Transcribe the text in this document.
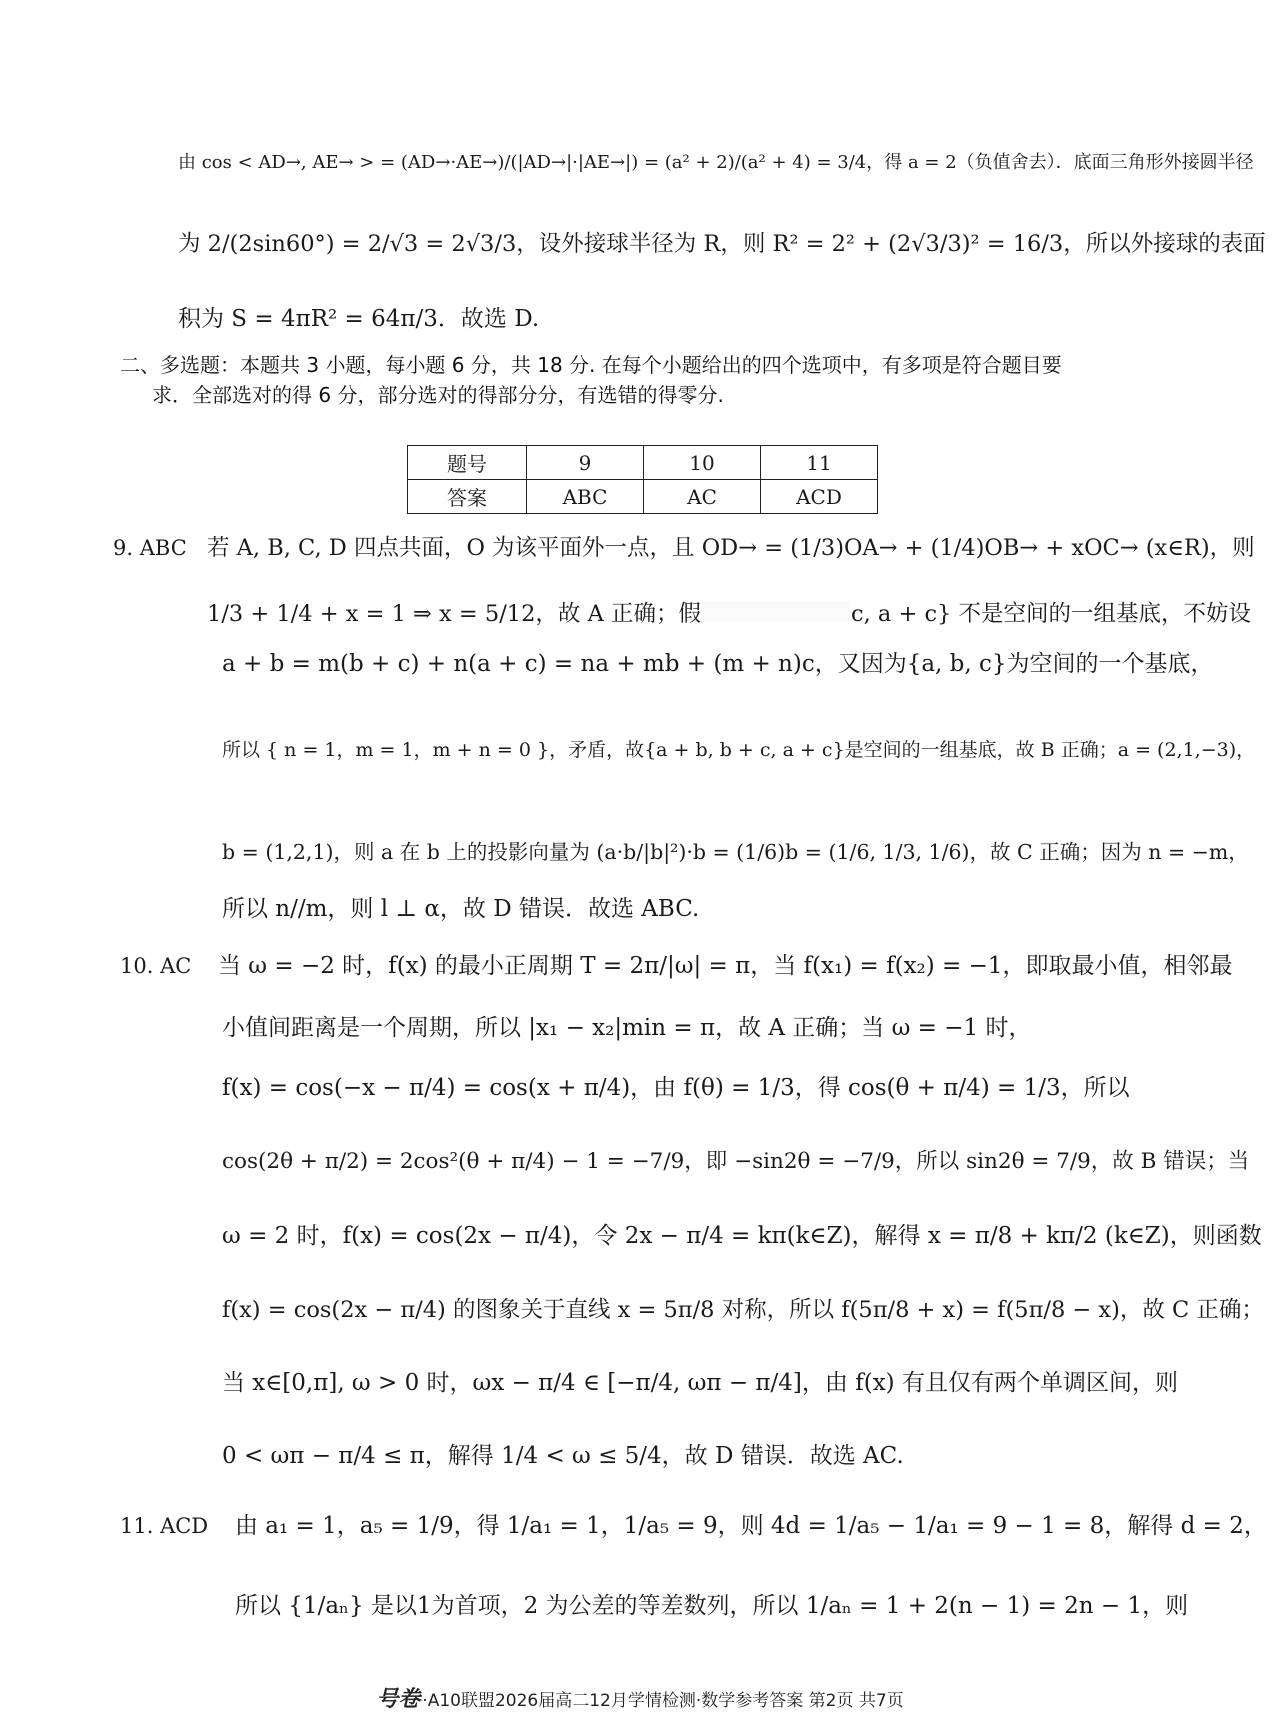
由 cos < AD→, AE→ > = (AD→·AE→)/(|AD→|·|AE→|) = (a² + 2)/(a² + 4) = 3/4，得 a = 2（负值舍去）．底面三角形外接圆半径
为 2/(2sin60°) = 2/√3 = 2√3/3，设外接球半径为 R，则 R² = 2² + (2√3/3)² = 16/3，所以外接球的表面
积为 S = 4πR² = 64π/3．故选 D.
二、多选题：本题共 3 小题，每小题 6 分，共 18 分. 在每个小题给出的四个选项中，有多项是符合题目要
求．全部选对的得 6 分，部分选对的得部分分，有选错的得零分.
题号	9	10	11
答案	ABC	AC	ACD
9. ABC 若 A, B, C, D 四点共面，O 为该平面外一点，且 OD→ = (1/3)OA→ + (1/4)OB→ + xOC→ (x∈R)，则
1/3 + 1/4 + x = 1 ⇒ x = 5/12，故 A 正确；假	c, a + c} 不是空间的一组基底，不妨设
a + b = m(b + c) + n(a + c) = na + mb + (m + n)c，又因为{a, b, c}为空间的一个基底，
所以 { n = 1，m = 1，m + n = 0 }，矛盾，故{a + b, b + c, a + c}是空间的一组基底，故 B 正确；a = (2,1,−3)，
b = (1,2,1)，则 a 在 b 上的投影向量为 (a·b/|b|²)·b = (1/6)b = (1/6, 1/3, 1/6)，故 C 正确；因为 n = −m，
所以 n//m，则 l ⊥ α，故 D 错误．故选 ABC.
10. AC 当 ω = −2 时，f(x) 的最小正周期 T = 2π/|ω| = π，当 f(x₁) = f(x₂) = −1，即取最小值，相邻最
小值间距离是一个周期，所以 |x₁ − x₂|min = π，故 A 正确；当 ω = −1 时，
f(x) = cos(−x − π/4) = cos(x + π/4)，由 f(θ) = 1/3，得 cos(θ + π/4) = 1/3，所以
cos(2θ + π/2) = 2cos²(θ + π/4) − 1 = −7/9，即 −sin2θ = −7/9，所以 sin2θ = 7/9，故 B 错误；当
ω = 2 时，f(x) = cos(2x − π/4)，令 2x − π/4 = kπ(k∈Z)，解得 x = π/8 + kπ/2 (k∈Z)，则函数
f(x) = cos(2x − π/4) 的图象关于直线 x = 5π/8 对称，所以 f(5π/8 + x) = f(5π/8 − x)，故 C 正确；
当 x∈[0,π], ω > 0 时，ωx − π/4 ∈ [−π/4, ωπ − π/4]，由 f(x) 有且仅有两个单调区间，则
0 < ωπ − π/4 ≤ π，解得 1/4 < ω ≤ 5/4，故 D 错误．故选 AC.
11. ACD 由 a₁ = 1，a₅ = 1/9，得 1/a₁ = 1，1/a₅ = 9，则 4d = 1/a₅ − 1/a₁ = 9 − 1 = 8，解得 d = 2，
所以 {1/aₙ} 是以1为首项，2 为公差的等差数列，所以 1/aₙ = 1 + 2(n − 1) = 2n − 1，则
号卷 ·A10联盟2026届高二12月学情检测·数学参考答案 第2页 共7页
